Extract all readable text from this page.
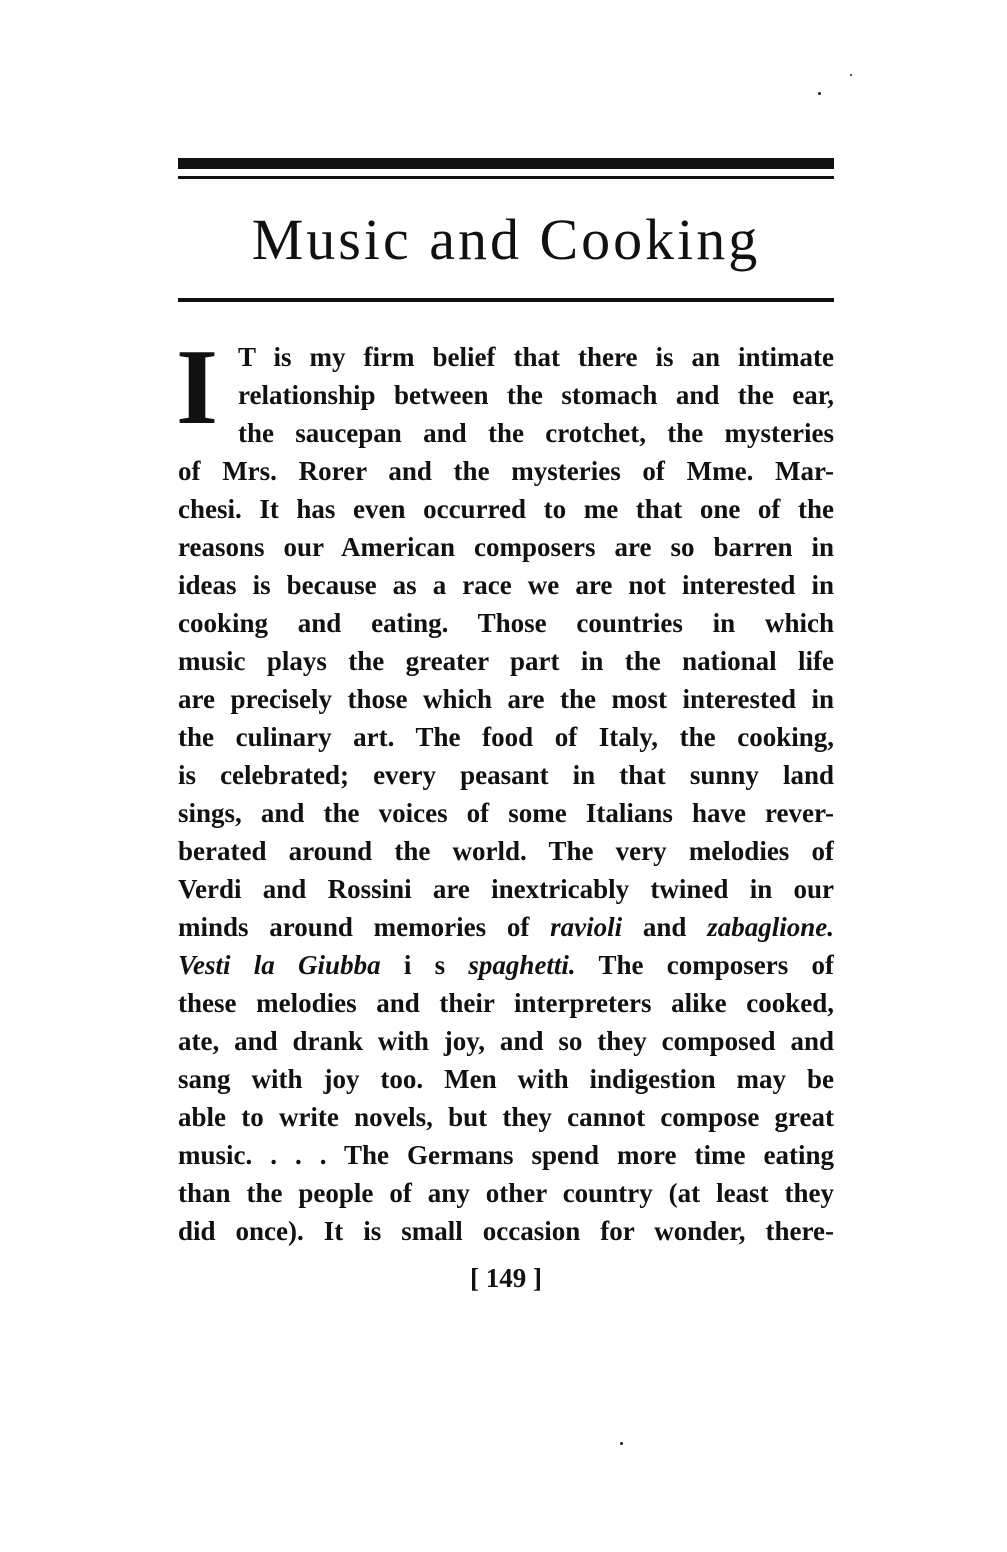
Music and Cooking
I T is my firm belief that there is an intimate
relationship between the stomach and the ear,
the saucepan and the crotchet, the mysteries
of Mrs. Rorer and the mysteries of Mme. Mar-
chesi. It has even occurred to me that one of the
reasons our American composers are so barren in
ideas is because as a race we are not interested in
cooking and eating. Those countries in which
music plays the greater part in the national life
are precisely those which are the most interested in
the culinary art. The food of Italy, the cooking,
is celebrated; every peasant in that sunny land
sings, and the voices of some Italians have rever-
berated around the world. The very melodies of
Verdi and Rossini are inextricably twined in our
minds around memories of ravioli and zabaglione.
Vesti la Giubba i s spaghetti. The composers of
these melodies and their interpreters alike cooked,
ate, and drank with joy, and so they composed and
sang with joy too. Men with indigestion may be
able to write novels, but they cannot compose great
music. . . . The Germans spend more time eating
than the people of any other country (at least they
did once). It is small occasion for wonder, there-
[ 149 ]
